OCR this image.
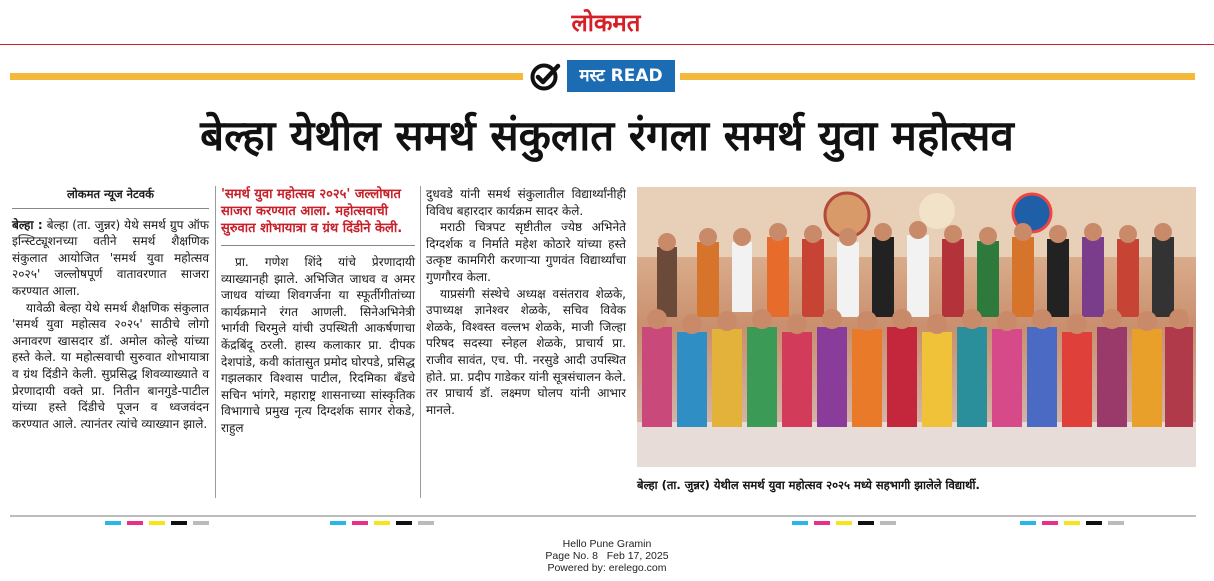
लोकमत
मस्ट READ
बेल्हा येथील समर्थ संकुलात रंगला समर्थ युवा महोत्सव
लोकमत न्यूज नेटवर्क

बेल्हा : बेल्हा (ता. जुन्नर) येथे समर्थ ग्रुप ऑफ इन्स्टिट्यूशनच्या वतीने समर्थ शैक्षणिक संकुलात आयोजित 'समर्थ युवा महोत्सव २०२५' जल्लोषपूर्ण वातावरणात साजरा करण्यात आला.

यावेळी बेल्हा येथे समर्थ शैक्षणिक संकुलात 'समर्थ युवा महोत्सव २०२५' साठीचे लोगो अनावरण खासदार डॉ. अमोल कोल्हे यांच्या हस्ते केले. या महोत्सवाची सुरुवात शोभायात्रा व ग्रंथ दिंडीने केली. सुप्रसिद्ध शिवव्याख्याते व प्रेरणादायी वक्ते प्रा. नितीन बानगुडे-पाटील यांच्या हस्ते दिंडीचे पूजन व ध्वजवंदन करण्यात आले. त्यानंतर त्यांचे व्याख्यान झाले.

'समर्थ युवा महोत्सव २०२५' जल्लोषात साजरा करण्यात आला. महोत्सवाची सुरुवात शोभायात्रा व ग्रंथ दिंडीने केली.

प्रा. गणेश शिंदे यांचे प्रेरणादायी व्याख्यानही झाले. अभिजित जाधव व अमर जाधव यांच्या शिवगर्जना या स्फूर्तीगीतांच्या कार्यक्रमाने रंगत आणली. सिनेअभिनेत्री भार्गवी चिरमुले यांची उपस्थिती आकर्षणाचा केंद्रबिंदू ठरली. हास्य कलाकार प्रा. दीपक देशपांडे, कवी कांतासुत प्रमोद घोरपडे, प्रसिद्ध गझलकार विश्वास पाटील, रिदमिका बँडचे सचिन भांगरे, महाराष्ट्र शासनाच्या सांस्कृतिक विभागाचे प्रमुख नृत्य दिग्दर्शक सागर रोकडे, राहुल

दुधवडे यांनी समर्थ संकुलातील विद्यार्थ्यांनीही विविध बहारदार कार्यक्रम सादर केले.

मराठी चित्रपट सृष्टीतील ज्येष्ठ अभिनेते दिग्दर्शक व निर्माते महेश कोठारे यांच्या हस्ते उत्कृष्ट कामगिरी करणाऱ्या गुणवंत विद्यार्थ्यांचा गुणगौरव केला.

याप्रसंगी संस्थेचे अध्यक्ष वसंतराव शेळके, उपाध्यक्ष ज्ञानेश्वर शेळके, सचिव विवेक शेळके, विश्वस्त वल्लभ शेळके, माजी जिल्हा परिषद सदस्या स्नेहल शेळके, प्राचार्य प्रा. राजीव सावंत, एच. पी. नरसुडे आदी उपस्थित होते. प्रा. प्रदीप गाडेकर यांनी सूत्रसंचालन केले. तर प्राचार्य डॉ. लक्ष्मण घोलप यांनी आभार मानले.

बेल्हा (ता. जुन्नर) येथील समर्थ युवा महोत्सव २०२५ मध्ये सहभागी झालेले विद्यार्थी.
Hello Pune Gramin
Page No. 8   Feb 17, 2025
Powered by: erelego.com
